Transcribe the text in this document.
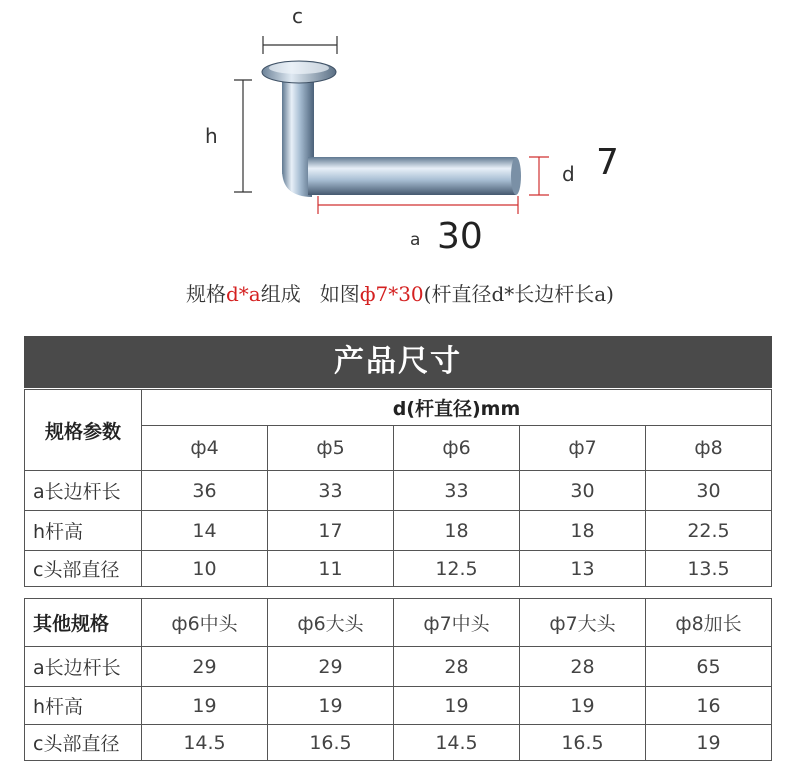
c
h
d 7
a 30
规格d*a组成   如图ф7*30(杆直径d*长边杆长a)
产品尺寸
规格参数	d(杆直径)mm				
	ф4	ф5	ф6	ф7	ф8
a长边杆长	36	33	33	30	30
h杆高	14	17	18	18	22.5
c头部直径	10	11	12.5	13	13.5
其他规格	ф6中头	ф6大头	ф7中头	ф7大头	ф8加长
a长边杆长	29	29	28	28	65
h杆高	19	19	19	19	16
c头部直径	14.5	16.5	14.5	16.5	19
